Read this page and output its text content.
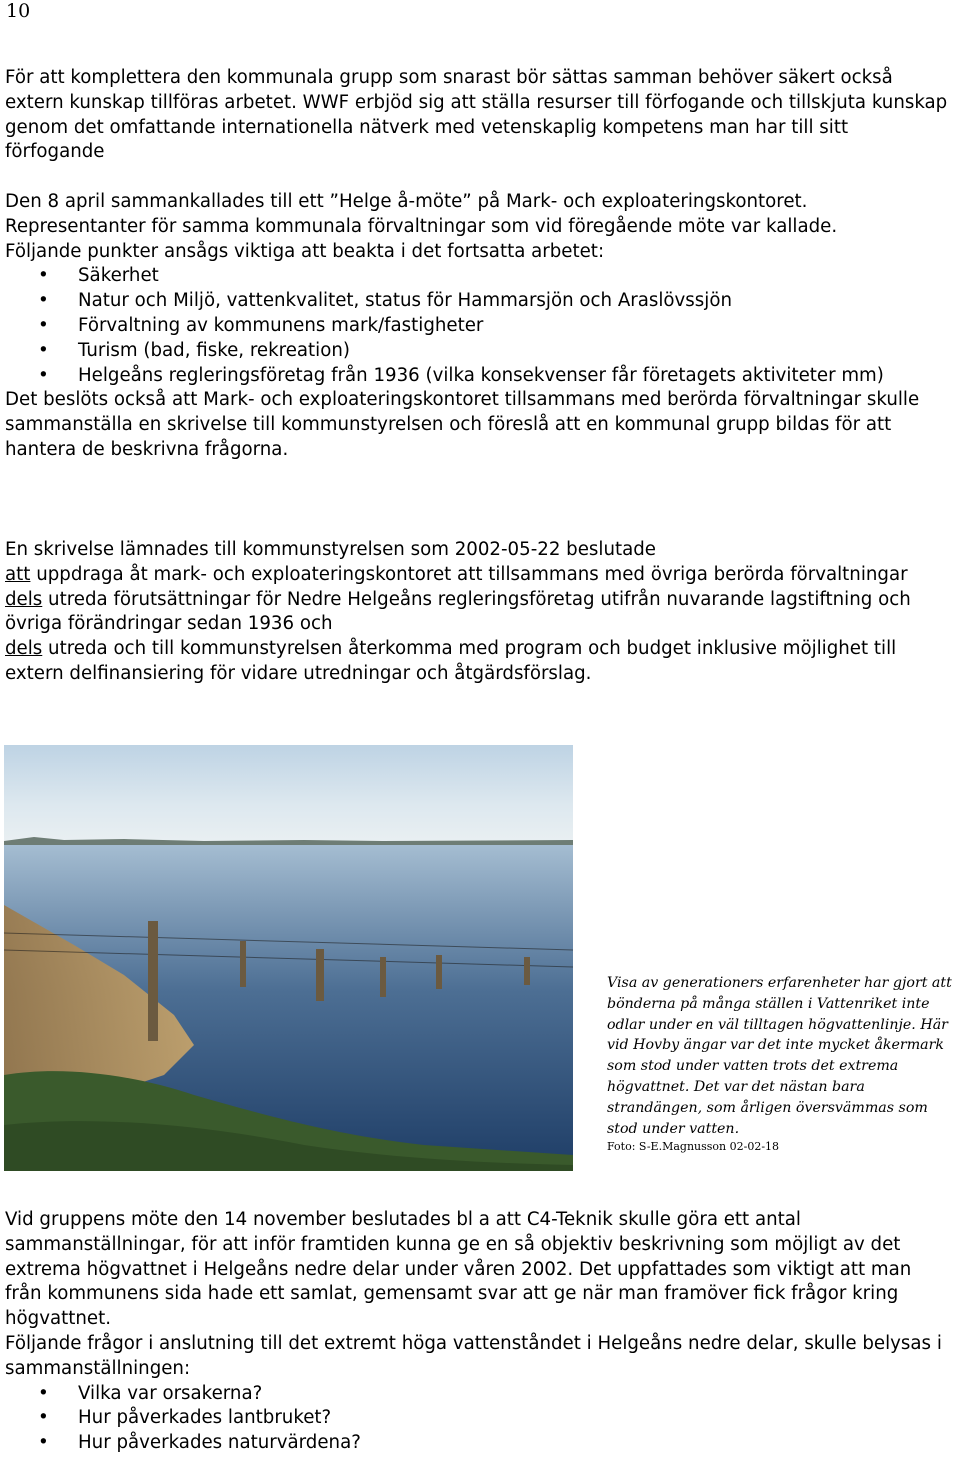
10

För att komplettera den kommunala grupp som snarast bör sättas samman behöver säkert också extern kunskap tillföras arbetet. WWF erbjöd sig att ställa resurser till förfogande och tillskjuta kunskap genom det omfattande internationella nätverk med vetenskaplig kompetens man har till sitt förfogande

Den 8 april sammankallades till ett ”Helge å-möte” på Mark- och exploateringskontoret.

Representanter för samma kommunala förvaltningar som vid föregående möte var kallade.

Följande punkter ansågs viktiga att beakta i det fortsatta arbetet:

• Säkerhet
• Natur och Miljö, vattenkvalitet, status för Hammarsjön och Araslövssjön
• Förvaltning av kommunens mark/fastigheter
• Turism (bad, fiske, rekreation)
• Helgeåns regleringsföretag från 1936 (vilka konsekvenser får företagets aktiviteter mm)

Det beslöts också att Mark- och exploateringskontoret tillsammans med berörda förvaltningar skulle sammanställa en skrivelse till kommunstyrelsen och föreslå att en kommunal grupp bildas för att hantera de beskrivna frågorna.

En skrivelse lämnades till kommunstyrelsen som 2002-05-22 beslutade

att uppdraga åt mark- och exploateringskontoret att tillsammans med övriga berörda förvaltningar

dels utreda förutsättningar för Nedre Helgeåns regleringsföretag utifrån nuvarande lagstiftning och övriga förändringar sedan 1936 och

dels utreda och till kommunstyrelsen återkomma med program och budget inklusive möjlighet till extern delfinansiering för vidare utredningar och åtgärdsförslag.

Visa av generationers erfarenheter har gjort att bönderna på många ställen i Vattenriket inte odlar under en väl tilltagen högvattenlinje. Här vid Hovby ängar var det inte mycket åkermark som stod under vatten trots det extrema högvattnet. Det var det nästan bara strandängen, som årligen översvämmas som stod under vatten.
Foto: S-E.Magnusson 02-02-18

Vid gruppens möte den 14 november beslutades bl a att C4-Teknik skulle göra ett antal sammanställningar, för att inför framtiden kunna ge en så objektiv beskrivning som möjligt av det extrema högvattnet i Helgeåns nedre delar under våren 2002. Det uppfattades som viktigt att man från kommunens sida hade ett samlat, gemensamt svar att ge när man framöver fick frågor kring högvattnet.

Följande frågor i anslutning till det extremt höga vattenståndet i Helgeåns nedre delar, skulle belysas i sammanställningen:

• Vilka var orsakerna?
• Hur påverkades lantbruket?
• Hur påverkades naturvärdena?
